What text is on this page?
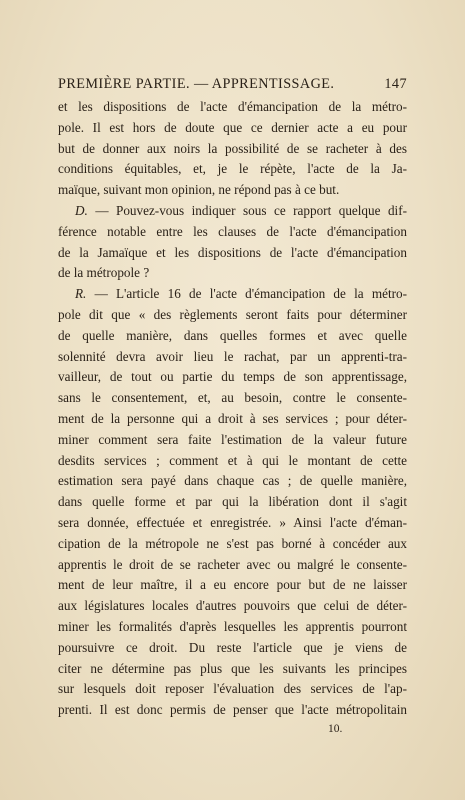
PREMIÈRE PARTIE. — APPRENTISSAGE.	147
et les dispositions de l'acte d'émancipation de la métro-
pole. Il est hors de doute que ce dernier acte a eu pour
but de donner aux noirs la possibilité de se racheter à des
conditions équitables, et, je le répète, l'acte de la Ja-
maïque, suivant mon opinion, ne répond pas à ce but.
D. — Pouvez-vous indiquer sous ce rapport quelque dif-
férence notable entre les clauses de l'acte d'émancipation
de la Jamaïque et les dispositions de l'acte d'émancipation
de la métropole ?
R. — L'article 16 de l'acte d'émancipation de la métro-
pole dit que « des règlements seront faits pour déterminer
de quelle manière, dans quelles formes et avec quelle
solennité devra avoir lieu le rachat, par un apprenti-tra-
vailleur, de tout ou partie du temps de son apprentissage,
sans le consentement, et, au besoin, contre le consente-
ment de la personne qui a droit à ses services ; pour déter-
miner comment sera faite l'estimation de la valeur future
desdits services ; comment et à qui le montant de cette
estimation sera payé dans chaque cas ; de quelle manière,
dans quelle forme et par qui la libération dont il s'agit
sera donnée, effectuée et enregistrée. » Ainsi l'acte d'éman-
cipation de la métropole ne s'est pas borné à concéder aux
apprentis le droit de se racheter avec ou malgré le consente-
ment de leur maître, il a eu encore pour but de ne laisser
aux législatures locales d'autres pouvoirs que celui de déter-
miner les formalités d'après lesquelles les apprentis pourront
poursuivre ce droit. Du reste l'article que je viens de
citer ne détermine pas plus que les suivants les principes
sur lesquels doit reposer l'évaluation des services de l'ap-
prenti. Il est donc permis de penser que l'acte métropolitain
10.
